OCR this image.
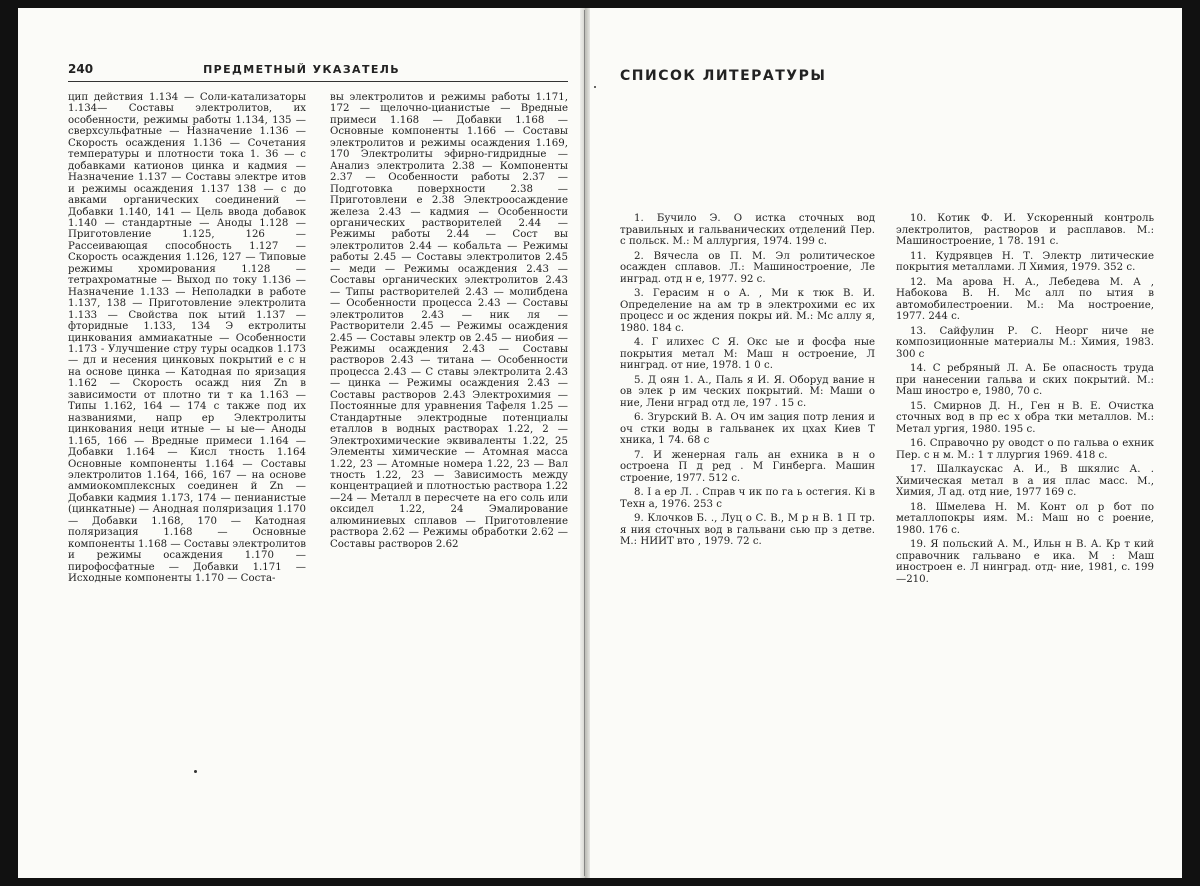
240	ПРЕДМЕТНЫЙ УКАЗАТЕЛЬ

цип действия 1.134 — Соли-катализаторы 1.134— Составы электролитов, их особенности, режимы работы 1.134, 135 — сверхсульфатные — Назначение 1.136 — Скорость осаждения 1.136 — Сочетания температуры и плотности тока 1. 36 — с добавками катионов цинка и кадмия — Назначение 1.137 — Составы электре итов и режимы осаждения 1.137 138 — с до авками органических соединений — Добавки 1.140, 141 — Цель ввода добавок 1.140 — стандартные — Аноды 1.128 — Приготовление 1.125, 126 — Рассеивающая способность 1.127 — Скорость осаждения 1.126, 127 — Типовые режимы хромирования 1.128 — тетрахроматные — Выход по току 1.136 — Назначение 1.133 — Неполадки в работе 1.137, 138 — Приготовление электролита 1.133 — Свойства пок ытий 1.137 — фторидные 1.133, 134 Э ектролиты цинкования аммиакатные — Особенности 1.173 - Улучшение стру туры осадков 1.173 — дл и несения цинковых покрытий е с н на основе цинка — Катодная по яризация 1.162 — Скорость осажд ния Zn в зависимости от плотно ти т ка 1.163 — Типы 1.162, 164 — 174 с также под их названиями, напр ер Электролиты цинкования неци итные — ы ые— Аноды 1.165, 166 — Вредные примеси 1.164 — Добавки 1.164 — Кисл тность 1.164 Основные компоненты 1.164 — Составы электролитов 1.164, 166, 167 — на основе аммиокомплексных соединен й Zn — Добавки кадмия 1.173, 174 — пенианистые (цинкатные) — Анодная поляризация 1.170 — Добавки 1.168, 170 — Катодная поляризация 1.168 — Основные компоненты 1.168 — Составы электролитов и режимы осаждения 1.170 — пирофосфатные — Добавки 1.171 — Исходные компоненты 1.170 — Соста-

вы электролитов и режимы работы 1.171, 172 — щелочно-цианистые — Вредные примеси 1.168 — Добавки 1.168 — Основные компоненты 1.166 — Составы электролитов и режимы осаждения 1.169, 170 Электролиты эфирно-гидридные — Анализ электролита 2.38 — Компоненты 2.37 — Особенности работы 2.37 — Подготовка поверхности 2.38 — Приготовлени е 2.38 Электроосаждение железа 2.43 — кадмия — Особенности органических растворителей 2.44 — Режимы работы 2.44 — Сост вы электролитов 2.44 — кобальта — Режимы работы 2.45 — Составы электролитов 2.45 — меди — Режимы осаждения 2.43 — Составы органических электролитов 2.43 — Типы растворителей 2.43 — молибдена — Особенности процесса 2.43 — Составы электролитов 2.43 — ник ля — Растворители 2.45 — Режимы осаждения 2.45 — Составы электр ов 2.45 — ниобия — Режимы осаждения 2.43 — Составы растворов 2.43 — титана — Особенности процесса 2.43 — С ставы электролита 2.43 — цинка — Режимы осаждения 2.43 — Составы растворов 2.43 Электрохимия — Постоянные для уравнения Тафеля 1.25 — Стандартные электродные потенциалы еталлов в водных растворах 1.22, 2 — Электрохимические эквиваленты 1.22, 25 Элементы химические — Атомная масса 1.22, 23 — Атомные номера 1.22, 23 — Вал тность 1.22, 23 — Зависимость между концентрацией и плотностью раствора 1.22—24 — Металл в пересчете на его соль или оксидел 1.22, 24 Эмалирование алюминиевых сплавов — Приготовление раствора 2.62 — Режимы обработки 2.62 — Составы растворов 2.62

СПИСОК ЛИТЕРАТУРЫ

1. Бучило Э. О истка сточных вод травильных и гальванических отделений Пер. с польск. М.: М аллургия, 1974. 199 с.

2. Вячесла ов П. М. Эл ролитическое осажден сплавов. Л.: Машиностроение, Ле инград. отд н е, 1977. 92 с.

3. Герасим н о А. , Ми к тюк В. И. Определение на ам тр в электрохими ес их процесс и ос ждения покры ий. М.: Мс аллу я, 1980. 184 с.

4. Г илихес С Я. Окс ые и фосфа ные покрытия метал М: Маш н остроение, Л нинград. от ние, 1978. 1 0 с.

5. Д оян 1. А., Паль я И. Я. Оборуд вание н ов элек р им ческих покрытий. М: Маши о ние, Лени нград отд ле, 197 . 15 с.

6. Згурский В. А. Оч им зация потр ления и оч стки воды в гальванек их цхах Киев Т хника, 1 74. 68 с

7. И женерная галь ан ехника в н о остроена П д ред . М Гинберга. Машин строение, 1977. 512 с.

8. І а ер Л. . Справ ч ик по га ь остегия. Кі в Техн а, 1976. 253 с

9. Клочков Б. ., Луц о С. В., М р н В. 1 П тр. я ния сточных вод в гальвани сью пр з детве. М.: НИИТ вто , 1979. 72 с.

10. Котик Ф. И. Ускоренный контроль электролитов, растворов и расплавов. М.: Машиностроение, 1 78. 191 с.

11. Кудрявцев Н. Т. Электр литические покрытия металлами. Л Химия, 1979. 352 с.

12. Ма арова Н. А., Лебедева М. А , Набокова В. Н. Мс алл по ытия в автомобилестроении. М.: Ма ностроение, 1977. 244 с.

13. Сайфулин Р. С. Неорг ниче не композиционные материалы М.: Химия, 1983. 300 с

14. С ребряный Л. А. Бе опасность труда при нанесении гальва и ских покрытий. М.: Маш иностро е, 1980, 70 с.

15. Смирнов Д. Н., Ген н В. Е. Очистка сточных вод в пр ес х обра тки металлов. М.: Метал ургия, 1980. 195 с.

16. Справочно ру оводст о по гальва о ехник Пер. с н м. М.: 1 т ллургия 1969. 418 с.

17. Шалкаускас А. И., В шкялис А. . Химическая метал в а ия плас масс. М., Химия, Л ад. отд ние, 1977 169 с.

18. Шмелева Н. М. Конт ол р бот по металлопокры иям. М.: Маш но с роение, 1980. 176 с.

19. Я польский А. М., Ильн н В. А. Кр т кий справочник гальвано е ика. М : Маш иностроен е. Л нинград. отд- ние, 1981, с. 199—210.
